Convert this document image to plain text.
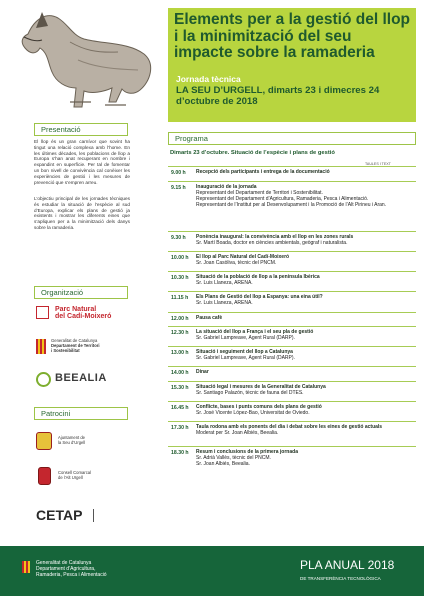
Elements per a la gestió del llop i la minimització del seu impacte sobre la ramaderia
Jornada tècnica
LA SEU D’URGELL, dimarts 23 i dimecres 24 d’octubre de 2018
Presentació
El llop és un gran carnívor que sovint ha tingut una relació complexa amb l’home. En les últimes dècades, les poblacions de llop a Europa s’han anat recuperant en nombre i expandint en superfície. Per tal de fomentar un bon nivell de convivència cal conèixer les experiències de gestió i les mesures de prevenció que s’empren arreu.
L’objectiu principal de les jornades tècniques és estudiar la situació de l’espècie al sud d’Europa, explicar els plans de gestió ja existents i mostrar les diferents eines que s’apliquen per a la minimització dels danys sobre la ramaderia.
Organització
Parc Natural
del Cadí-Moixeró
Generalitat de Catalunya
Departament de Territori
i Sostenibilitat
BEEALIA
Patrocini
Ajuntament de
la Seu d’Urgell
Consell Comarcal
de l’Alt Urgell
CETAP
Programa
Dimarts 23 d’octubre. Situació de l’espècie i plans de gestió
TAULES I TEXT
9.00 h Recepció dels participants i entrega de la documentació
9.15 h Inauguració de la jornada
Representant del Departament de Territori i Sostenibilitat.
Representant del Departament d’Agricultura, Ramaderia, Pesca i Alimentació.
Representant de l’Institut per al Desenvolupament i la Promoció de l’Alt Pirineu i Aran.
9.30 h Ponència inaugural: la convivència amb el llop en les zones rurals
Sr. Martí Boada, doctor en ciències ambientals, geògraf i naturalista.
10.00 h El llop al Parc Natural del Cadí-Moixeró
Sr. Joan Casòliva, tècnic del PNCM.
10.30 h Situació de la població de llop a la península Ibèrica
Sr. Luis Llaneza, ARENA.
11.15 h Els Plans de Gestió del llop a Espanya: una eina útil?
Sr. Luis Llaneza, ARENA.
12.00 h Pausa cafè
12.30 h La situació del llop a França i el seu pla de gestió
Sr. Gabriel Lampreave, Agent Rural (DARP).
13.00 h Situació i seguiment del llop a Catalunya
Sr. Gabriel Lampreave, Agent Rural (DARP).
14.00 h Dinar
15.30 h Situació legal i mesures de la Generalitat de Catalunya
Sr. Santiago Palazón, tècnic de fauna del DTES.
16.45 h Conflicte, bases i punts comuns dels plans de gestió
Sr. José Vicente López-Bao, Universitat de Oviedo.
17.30 h Taula rodona amb els ponents del dia i debat sobre les eines de gestió actuals
Moderat per Sr. Joan Albiés, Beealia.
18.30 h Resum i conclusions de la primera jornada
Sr. Adrià Vallès, tècnic del PNCM.
Sr. Joan Albiés, Beealia.
Generalitat de Catalunya
Departament d’Agricultura,
Ramaderia, Pesca i Alimentació
PLA ANUAL 2018
DE TRANSFERÈNCIA TECNOLÒGICA
